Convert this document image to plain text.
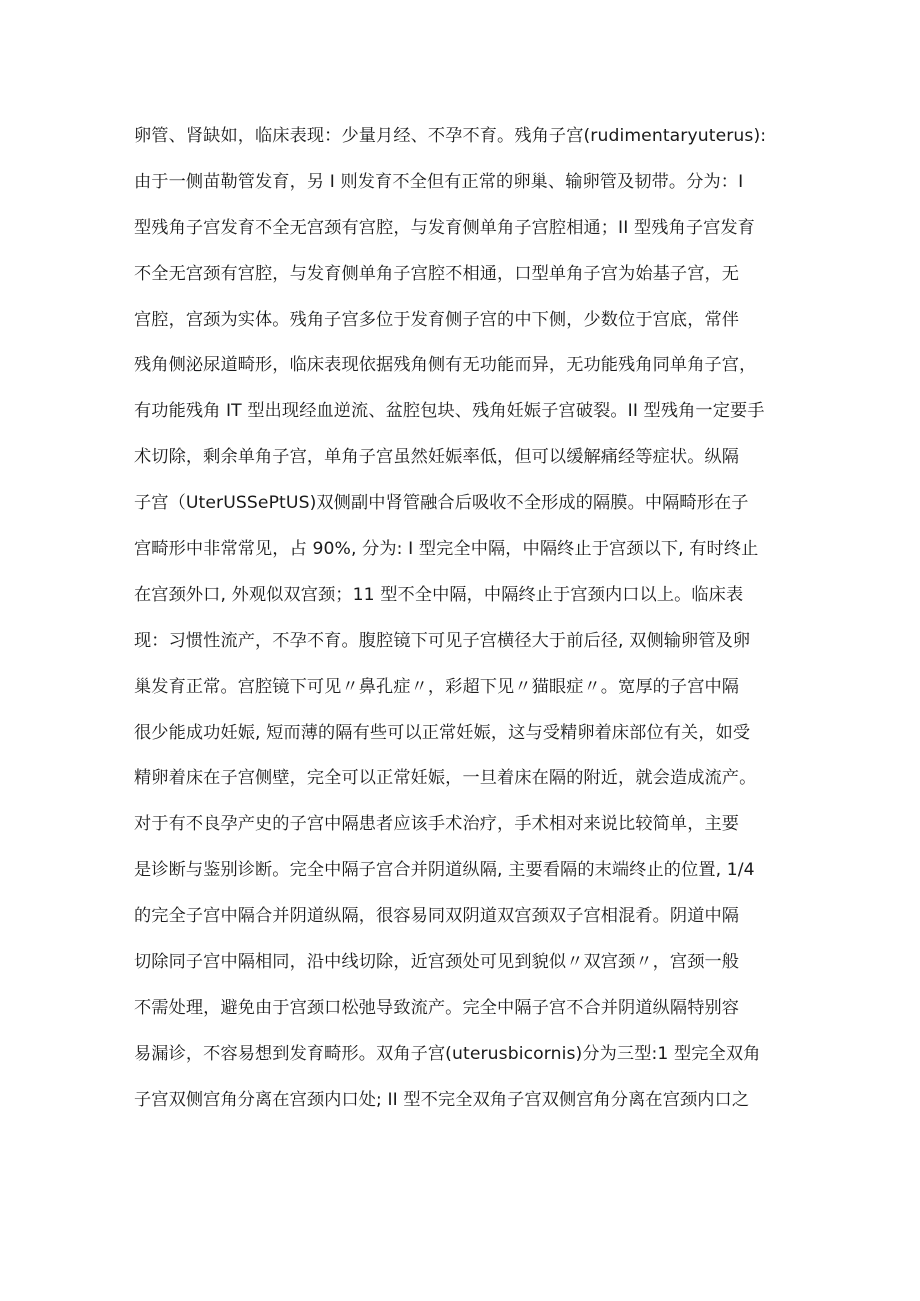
卵管、肾缺如，临床表现：少量月经、不孕不育。残角子宫(rudimentaryuterus):
由于一侧苗勒管发育，另 I 则发育不全但有正常的卵巢、输卵管及韧带。分为：I
型残角子宫发育不全无宫颈有宫腔，与发育侧单角子宫腔相通；II 型残角子宫发育
不全无宫颈有宫腔，与发育侧单角子宫腔不相通，口型单角子宫为始基子宫，无
宫腔，宫颈为实体。残角子宫多位于发育侧子宫的中下侧，少数位于宫底，常伴
残角侧泌尿道畸形，临床表现依据残角侧有无功能而异，无功能残角同单角子宫，
有功能残角 IT 型出现经血逆流、盆腔包块、残角妊娠子宫破裂。II 型残角一定要手
术切除，剩余单角子宫，单角子宫虽然妊娠率低，但可以缓解痛经等症状。纵隔
子宫（UterUSSePtUS)双侧副中肾管融合后吸收不全形成的隔膜。中隔畸形在子
宫畸形中非常常见，占 90%, 分为: I 型完全中隔，中隔终止于宫颈以下, 有时终止
在宫颈外口, 外观似双宫颈；11 型不全中隔，中隔终止于宫颈内口以上。临床表
现：习惯性流产，不孕不育。腹腔镜下可见子宫横径大于前后径, 双侧输卵管及卵
巢发育正常。宫腔镜下可见〃鼻孔症〃，彩超下见〃猫眼症〃。宽厚的子宫中隔
很少能成功妊娠, 短而薄的隔有些可以正常妊娠，这与受精卵着床部位有关，如受
精卵着床在子宫侧壁，完全可以正常妊娠，一旦着床在隔的附近，就会造成流产。
对于有不良孕产史的子宫中隔患者应该手术治疗，手术相对来说比较简单，主要
是诊断与鉴别诊断。完全中隔子宫合并阴道纵隔, 主要看隔的末端终止的位置, 1/4
的完全子宫中隔合并阴道纵隔，很容易同双阴道双宫颈双子宫相混肴。阴道中隔
切除同子宫中隔相同，沿中线切除，近宫颈处可见到貌似〃双宫颈〃，宫颈一般
不需处理，避免由于宫颈口松弛导致流产。完全中隔子宫不合并阴道纵隔特别容
易漏诊，不容易想到发育畸形。双角子宫(uterusbicornis)分为三型:1 型完全双角
子宫双侧宫角分离在宫颈内口处; II 型不完全双角子宫双侧宫角分离在宫颈内口之
